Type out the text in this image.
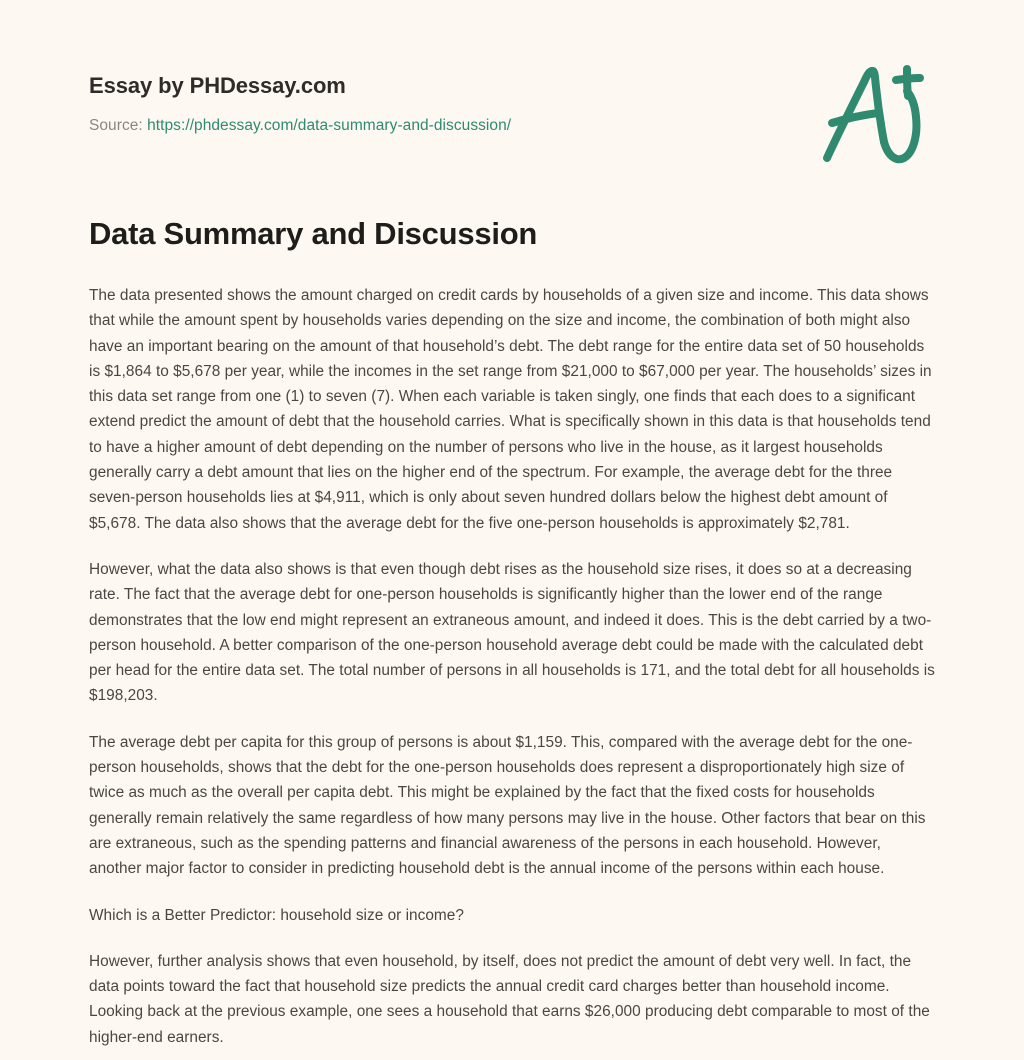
Essay by PHDessay.com

Source: https://phdessay.com/data-summary-and-discussion/

Data Summary and Discussion

The data presented shows the amount charged on credit cards by households of a given size and income. This data shows that while the amount spent by households varies depending on the size and income, the combination of both might also have an important bearing on the amount of that household’s debt. The debt range for the entire data set of 50 households is $1,864 to $5,678 per year, while the incomes in the set range from $21,000 to $67,000 per year. The households’ sizes in this data set range from one (1) to seven (7). When each variable is taken singly, one finds that each does to a significant extend predict the amount of debt that the household carries. What is specifically shown in this data is that households tend to have a higher amount of debt depending on the number of persons who live in the house, as it largest households generally carry a debt amount that lies on the higher end of the spectrum. For example, the average debt for the three seven-person households lies at $4,911, which is only about seven hundred dollars below the highest debt amount of $5,678. The data also shows that the average debt for the five one-person households is approximately $2,781.

However, what the data also shows is that even though debt rises as the household size rises, it does so at a decreasing rate. The fact that the average debt for one-person households is significantly higher than the lower end of the range demonstrates that the low end might represent an extraneous amount, and indeed it does. This is the debt carried by a two-person household. A better comparison of the one-person household average debt could be made with the calculated debt per head for the entire data set. The total number of persons in all households is 171, and the total debt for all households is $198,203.

The average debt per capita for this group of persons is about $1,159. This, compared with the average debt for the one-person households, shows that the debt for the one-person households does represent a disproportionately high size of twice as much as the overall per capita debt. This might be explained by the fact that the fixed costs for households generally remain relatively the same regardless of how many persons may live in the house. Other factors that bear on this are extraneous, such as the spending patterns and financial awareness of the persons in each household. However, another major factor to consider in predicting household debt is the annual income of the persons within each house.

Which is a Better Predictor: household size or income?

However, further analysis shows that even household, by itself, does not predict the amount of debt very well. In fact, the data points toward the fact that household size predicts the annual credit card charges better than household income. Looking back at the previous example, one sees a household that earns $26,000 producing debt comparable to most of the higher-end earners.
